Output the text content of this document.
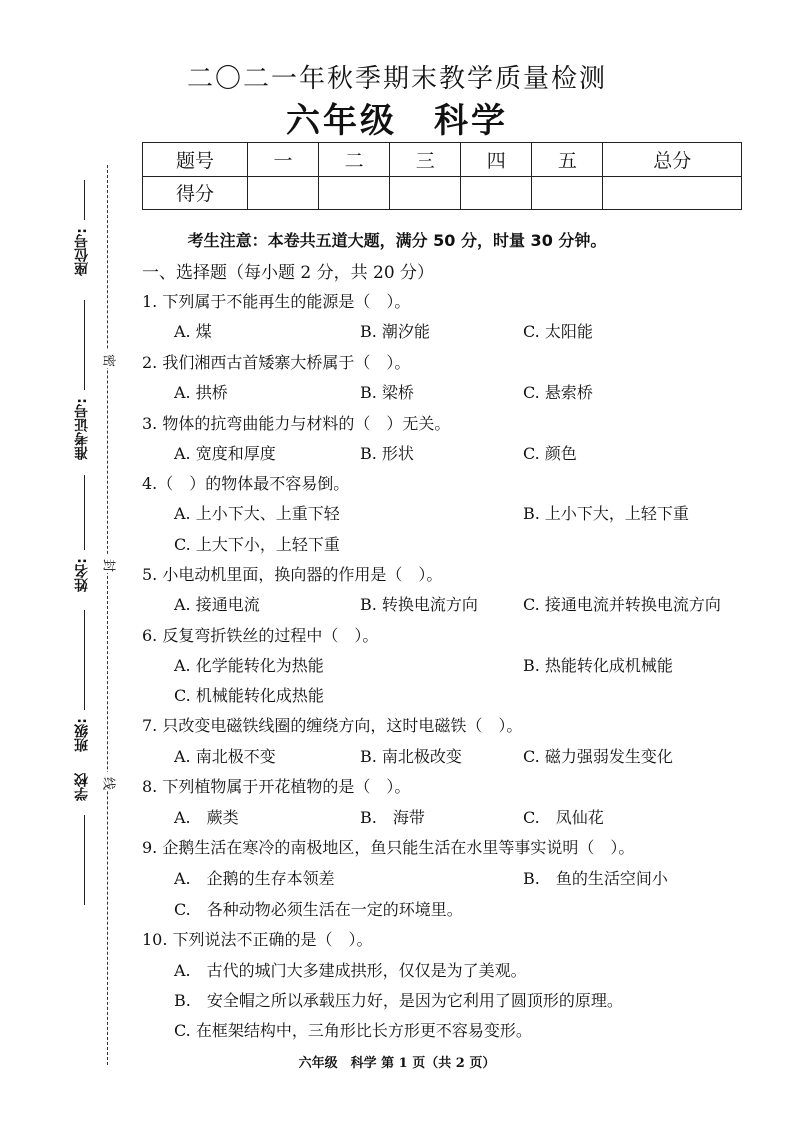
座位号:
准考证号:
姓名:
班级:
学校
密
封
线
二〇二一年秋季期末教学质量检测
六年级　科学
题号	一	二	三	四	五	总分
得分						
考生注意：本卷共五道大题，满分 50 分，时量 30 分钟。
一、选择题（每小题 2 分，共 20 分）
1. 下列属于不能再生的能源是（　）。
A. 煤	B. 潮汐能	C. 太阳能
2. 我们湘西古首矮寨大桥属于（　）。
A. 拱桥	B. 梁桥	C. 悬索桥
3. 物体的抗弯曲能力与材料的（　）无关。
A. 宽度和厚度	B. 形状	C. 颜色
4.（　）的物体最不容易倒。
A. 上小下大、上重下轻	B. 上小下大，上轻下重
C. 上大下小，上轻下重
5. 小电动机里面，换向器的作用是（　）。
A. 接通电流	B. 转换电流方向	C. 接通电流并转换电流方向
6. 反复弯折铁丝的过程中（　）。
A. 化学能转化为热能	B. 热能转化成机械能
C. 机械能转化成热能
7. 只改变电磁铁线圈的缠绕方向，这时电磁铁（　）。
A. 南北极不变	B. 南北极改变	C. 磁力强弱发生变化
8. 下列植物属于开花植物的是（　）。
A.　蕨类	B.　海带	C.　凤仙花
9. 企鹅生活在寒冷的南极地区，鱼只能生活在水里等事实说明（　）。
A.　企鹅的生存本领差	B.　鱼的生活空间小
C.　各种动物必须生活在一定的环境里。
10. 下列说法不正确的是（　）。
A.　古代的城门大多建成拱形，仅仅是为了美观。
B.　安全帽之所以承载压力好，是因为它利用了圆顶形的原理。
C. 在框架结构中，三角形比长方形更不容易变形。
六年级　科学 第 1 页（共 2 页）
